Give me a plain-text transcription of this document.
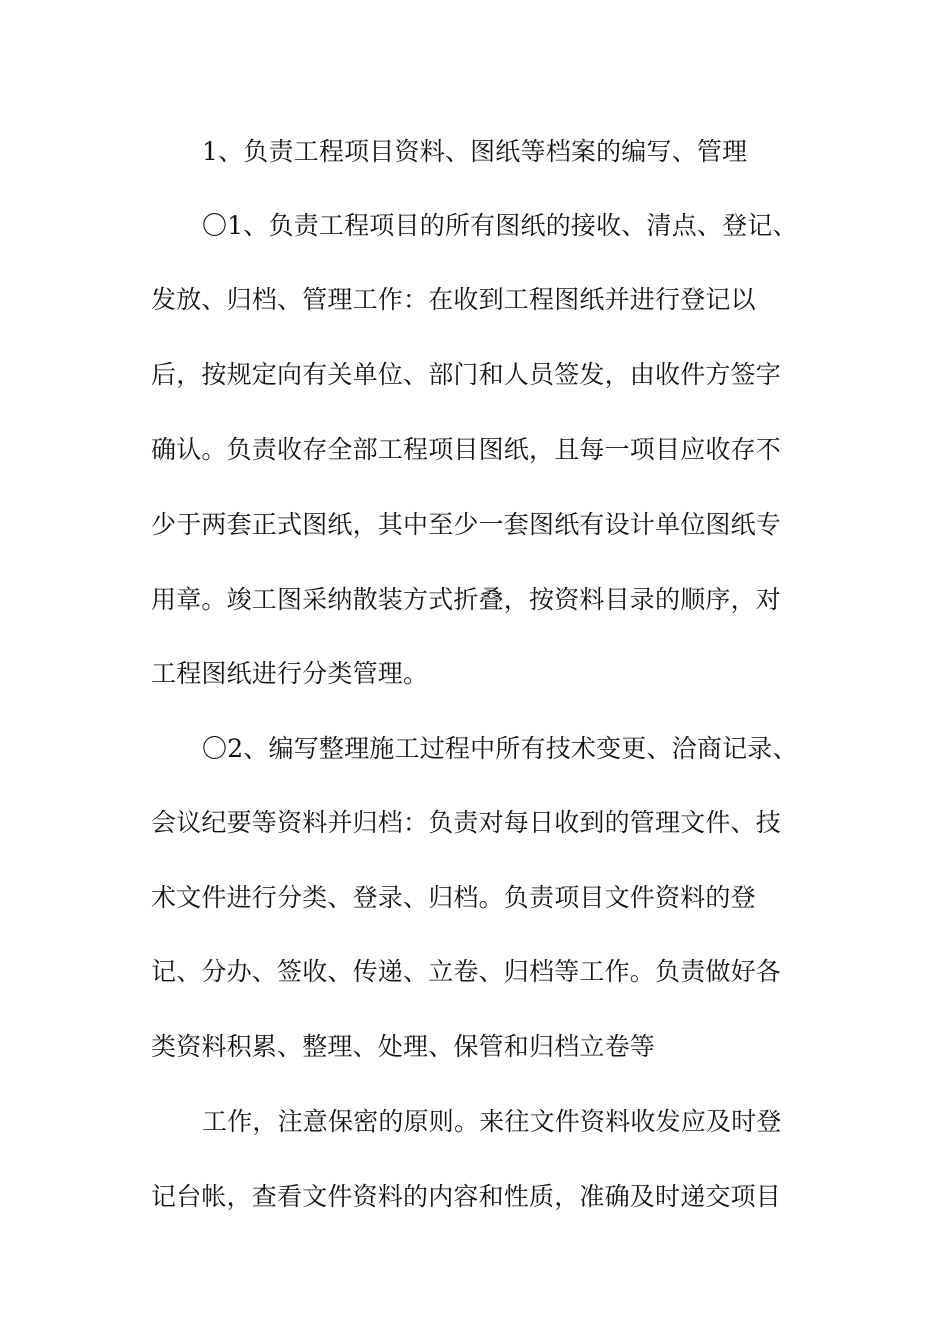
1、负责工程项目资料、图纸等档案的编写、管理

〇1、负责工程项目的所有图纸的接收、清点、登记、

发放、归档、管理工作：在收到工程图纸并进行登记以

后，按规定向有关单位、部门和人员签发，由收件方签字

确认。负责收存全部工程项目图纸，且每一项目应收存不

少于两套正式图纸，其中至少一套图纸有设计单位图纸专

用章。竣工图采纳散装方式折叠，按资料目录的顺序，对

工程图纸进行分类管理。

〇2、编写整理施工过程中所有技术变更、洽商记录、

会议纪要等资料并归档：负责对每日收到的管理文件、技

术文件进行分类、登录、归档。负责项目文件资料的登

记、分办、签收、传递、立卷、归档等工作。负责做好各

类资料积累、整理、处理、保管和归档立卷等

工作，注意保密的原则。来往文件资料收发应及时登

记台帐，查看文件资料的内容和性质，准确及时递交项目
